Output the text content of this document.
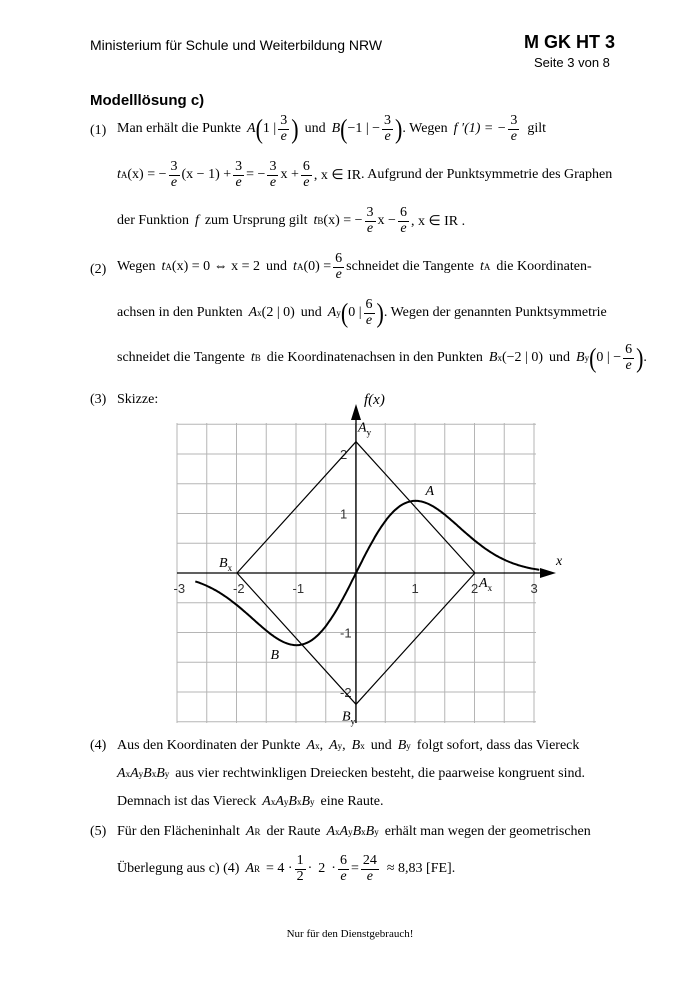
Ministerium für Schule und Weiterbildung NRW	M GK HT 3
Seite 3 von 8
Modelllösung c)
(1) Man erhält die Punkte A ( 1 | $\frac{3}{e}$ ) und B ( −1 | − $\frac{3}{e}$ ) . Wegen f ′(1) = − $\frac{3}{e}$ gilt
t A (x) = − $\frac{3}{e} (x - 1) + \frac{3}{e}$ = − $\frac{3}{e}$ $x + \frac{6}{e}$ , x ∈ IR . Aufgrund der Punktsymmetrie des Graphen
der Funktion f zum Ursprung gilt t B (x) = − $\frac{3}{e}$ $x - \frac{6}{e}$ , x ∈ IR .
(2) Wegen t A (x) = 0 ⇔ x = 2 und t A $(0) = \frac{6}{e}$ schneidet die Tangente t A die Koordinaten-
achsen in den Punkten A x (2 | 0) und A y ( 0 | $\frac{6}{e}$ ) . Wegen der genannten Punktsymmetrie
schneidet die Tangente t B die Koordinatenachsen in den Punkten B x (−2 | 0) und B y ( 0 | − $\frac{6}{e}$ ) .
(3) Skizze:
x
f(x)
-3	-2	-1	1	2	3
-2
-1
1
2
A
B
$A_y$
$A_x$
$B_x$
$B_y$
(4) Aus den Koordinaten der Punkte A x , A y , B x und B y folgt sofort, dass das Viereck
A x A y B x B y aus vier rechtwinkligen Dreiecken besteht, die paarweise kongruent sind.
Demnach ist das Viereck A x A y B x B y eine Raute.
(5) Für den Flächeninhalt A R der Raute A x A y B x B y erhält man wegen der geometrischen
Überlegung aus c) (4) A $R = 4 \cdot \frac{1}{2} \cdot 2 \cdot \frac{6}{e} = \frac{24}{e} \approx 8,83$ [FE].
Nur für den Dienstgebrauch!
